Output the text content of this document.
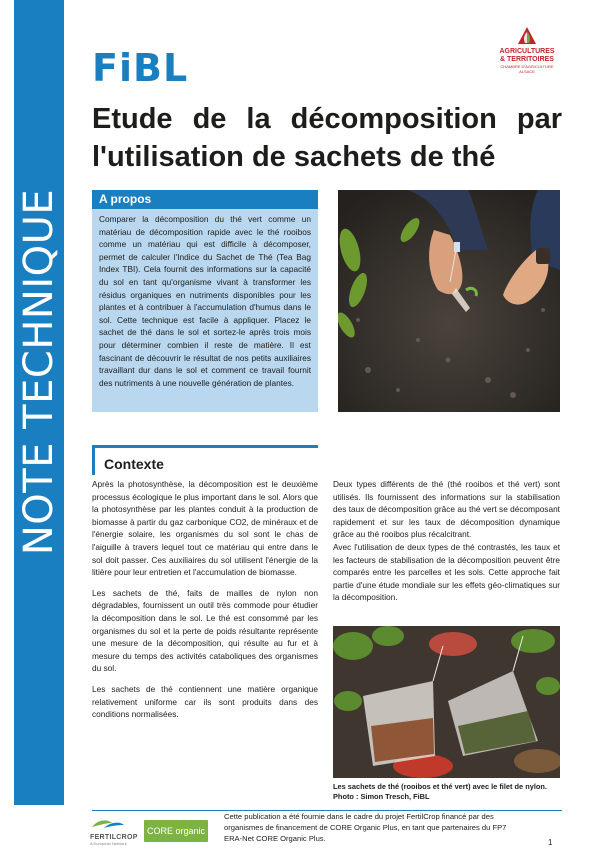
NOTE TECHNIQUE
FiBL	AGRICULTURES & TERRITOIRES
CHAMBRE D'AGRICULTURE ALSACE
Etude de la décomposition par l'utilisation de sachets de thé
A propos
Comparer la décomposition du thé vert comme un matériau de décomposition rapide avec le thé rooibos comme un matériau qui est difficile à décomposer, permet de calculer l'Indice du Sachet de Thé (Tea Bag Index TBI). Cela fournit des informations sur la capacité du sol en tant qu'organisme vivant à transformer les résidus organiques en nutriments disponibles pour les plantes et à contribuer à l'accumulation d'humus dans le sol. Cette technique est facile à appliquer. Placez le sachet de thé dans le sol et sortez-le après trois mois pour déterminer combien il reste de matière. Il est fascinant de découvrir le résultat de nos petits auxiliaires travaillant dur dans le sol et comment ce travail fournit des nutriments à une nouvelle génération de plantes.
Contexte

Après la photosynthèse, la décomposition est le deuxième processus écologique le plus important dans le sol. Alors que la photosynthèse par les plantes conduit à la production de biomasse à partir du gaz carbonique CO2, de minéraux et de l'énergie solaire, les organismes du sol sont le chas de l'aiguille à travers lequel tout ce matériau qui entre dans le sol doit passer. Ces auxiliaires du sol utilisent l'énergie de la litière pour leur entretien et l'accumulation de biomasse.

Les sachets de thé, faits de mailles de nylon non dégradables, fournissent un outil très commode pour étudier la décomposition dans le sol. Le thé est consommé par les organismes du sol et la perte de poids résultante représente une mesure de la décomposition, qui résulte au fur et à mesure du temps des activités cataboliques des organismes du sol.

Les sachets de thé contiennent une matière organique relativement uniforme car ils sont produits dans des conditions normalisées.

Deux types différents de thé (thé rooibos et thé vert) sont utilisés. Ils fournissent des informations sur la stabilisation des taux de décomposition grâce au thé vert se décomposant rapidement et sur les taux de décomposition dynamique grâce au thé rooibos plus récalcitrant.

Avec l'utilisation de deux types de thé contrastés, les taux et les facteurs de stabilisation de la décomposition peuvent être comparés entre les parcelles et les sols. Cette approche fait partie d'une étude mondiale sur les effets géo-climatiques sur la décomposition.

Les sachets de thé (rooibos et thé vert) avec le filet de nylon.
Photo : Simon Tresch, FiBL
FERTILCROP
A European Network
CORE organic
Cette publication a été fournie dans le cadre du projet FertilCrop financé par des organismes de financement de CORE Organic Plus, en tant que partenaires du FP7 ERA-Net CORE Organic Plus.	1
